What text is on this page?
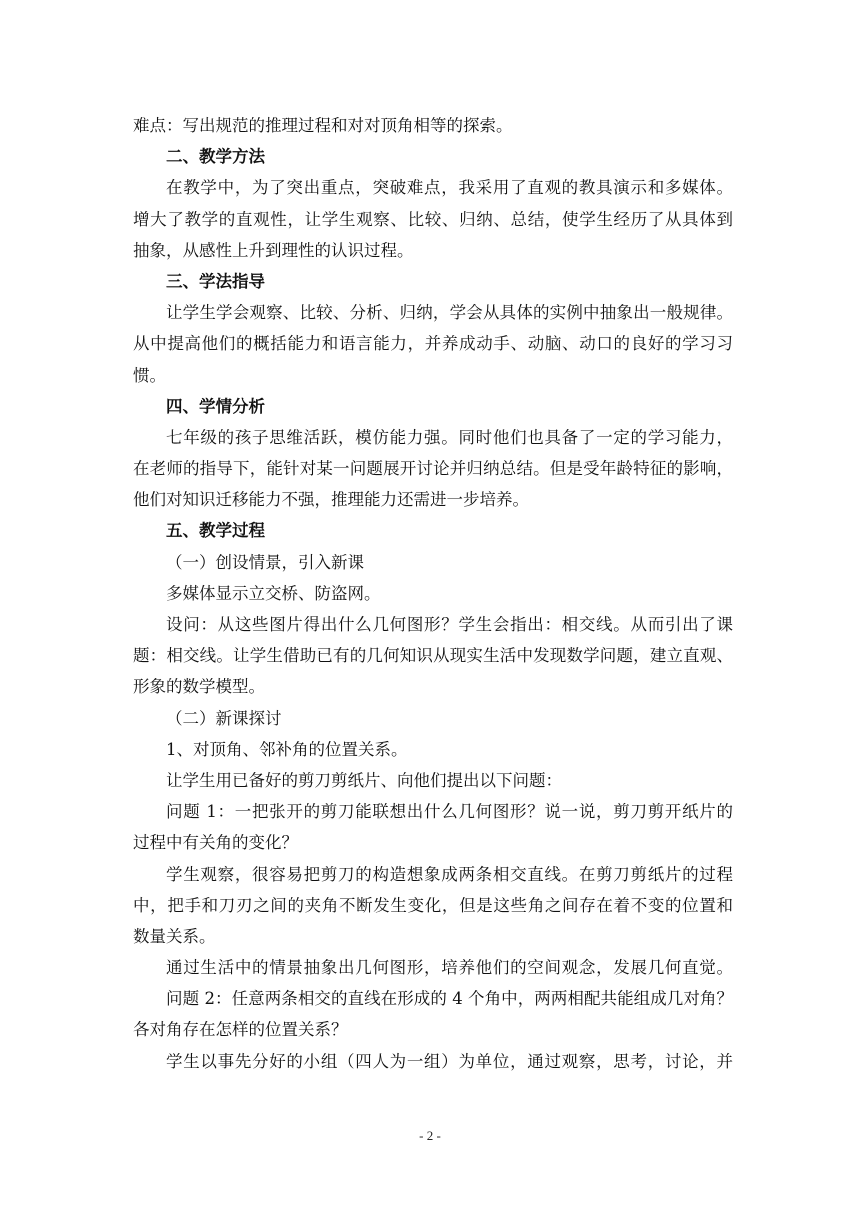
难点：写出规范的推理过程和对对顶角相等的探索。
二、教学方法
在教学中，为了突出重点，突破难点，我采用了直观的教具演示和多媒体。
增大了教学的直观性，让学生观察、比较、归纳、总结，使学生经历了从具体到
抽象，从感性上升到理性的认识过程。
三、学法指导
让学生学会观察、比较、分析、归纳，学会从具体的实例中抽象出一般规律。
从中提高他们的概括能力和语言能力，并养成动手、动脑、动口的良好的学习习
惯。
四、学情分析
七年级的孩子思维活跃，模仿能力强。同时他们也具备了一定的学习能力，
在老师的指导下，能针对某一问题展开讨论并归纳总结。但是受年龄特征的影响，
他们对知识迁移能力不强，推理能力还需进一步培养。
五、教学过程
（一）创设情景，引入新课
多媒体显示立交桥、防盗网。
设问：从这些图片得出什么几何图形？学生会指出：相交线。从而引出了课
题：相交线。让学生借助已有的几何知识从现实生活中发现数学问题，建立直观、
形象的数学模型。
（二）新课探讨
1、对顶角、邻补角的位置关系。
让学生用已备好的剪刀剪纸片、向他们提出以下问题：
问题 1：一把张开的剪刀能联想出什么几何图形？说一说，剪刀剪开纸片的
过程中有关角的变化？
学生观察，很容易把剪刀的构造想象成两条相交直线。在剪刀剪纸片的过程
中，把手和刀刃之间的夹角不断发生变化，但是这些角之间存在着不变的位置和
数量关系。
通过生活中的情景抽象出几何图形，培养他们的空间观念，发展几何直觉。
问题 2：任意两条相交的直线在形成的 4 个角中，两两相配共能组成几对角？
各对角存在怎样的位置关系？
学生以事先分好的小组（四人为一组）为单位，通过观察，思考，讨论，并
- 2 -
